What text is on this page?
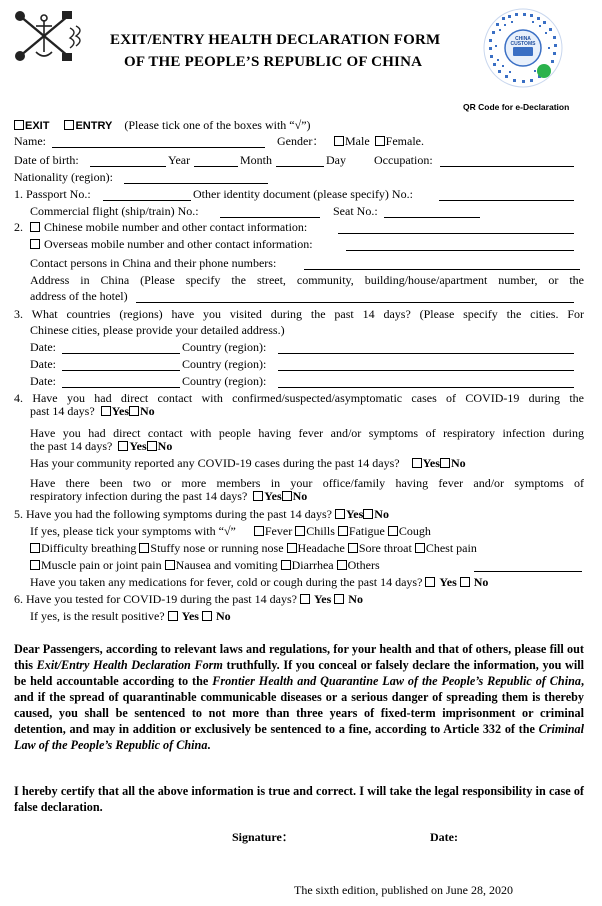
EXIT/ENTRY HEALTH DECLARATION FORM
OF THE PEOPLE’S REPUBLIC OF CHINA
CHINA CUSTOMS
QR Code for e-Declaration
EXIT ENTRY (Please tick one of the boxes with “√”)
Name:	Gender：	Male Female.
Date of birth:	Year	Month	Day Occupation:
Nationality (region):
1. Passport No.:	Other identity document (please specify) No.:
Commercial flight (ship/train) No.:	Seat No.:
2.	Chinese mobile number and other contact information:
Overseas mobile number and other contact information:
Contact persons in China and their phone numbers:
Address in China (Please specify the street, community, building/house/apartment number, or the
address of the hotel)
3. What countries (regions) have you visited during the past 14 days? (Please specify the cities. For
Chinese cities, please provide your detailed address.)
Date:	Country (region):
Date:	Country (region):
Date:	Country (region):
4. Have you had direct contact with confirmed/suspected/asymptomatic cases of COVID-19 during the
past 14 days? Yes No
Have you had direct contact with people having fever and/or symptoms of respiratory infection during
the past 14 days? Yes No
Has your community reported any COVID-19 cases during the past 14 days? Yes No
Have there been two or more members in your office/family having fever and/or symptoms of
respiratory infection during the past 14 days? Yes No
5. Have you had the following symptoms during the past 14 days? Yes No
If yes, please tick your symptoms with “√” Fever Chills Fatigue Cough
Difficulty breathing Stuffy nose or running nose Headache Sore throat Chest pain
Muscle pain or joint pain Nausea and vomiting Diarrhea Others
Have you taken any medications for fever, cold or cough during the past 14 days? Yes No
6. Have you tested for COVID-19 during the past 14 days? Yes No
If yes, is the result positive? Yes No
Dear Passengers, according to relevant laws and regulations, for your health and that of others, please fill out this Exit/Entry Health Declaration Form truthfully. If you conceal or falsely declare the information, you will be held accountable according to the Frontier Health and Quarantine Law of the People’s Republic of China, and if the spread of quarantinable communicable diseases or a serious danger of spreading them is thereby caused, you shall be sentenced to not more than three years of fixed-term imprisonment or criminal detention, and may in addition or exclusively be sentenced to a fine, according to Article 332 of the Criminal Law of the People’s Republic of China.
I hereby certify that all the above information is true and correct. I will take the legal responsibility in case of false declaration.
Signature：	Date:
The sixth edition, published on June 28, 2020
